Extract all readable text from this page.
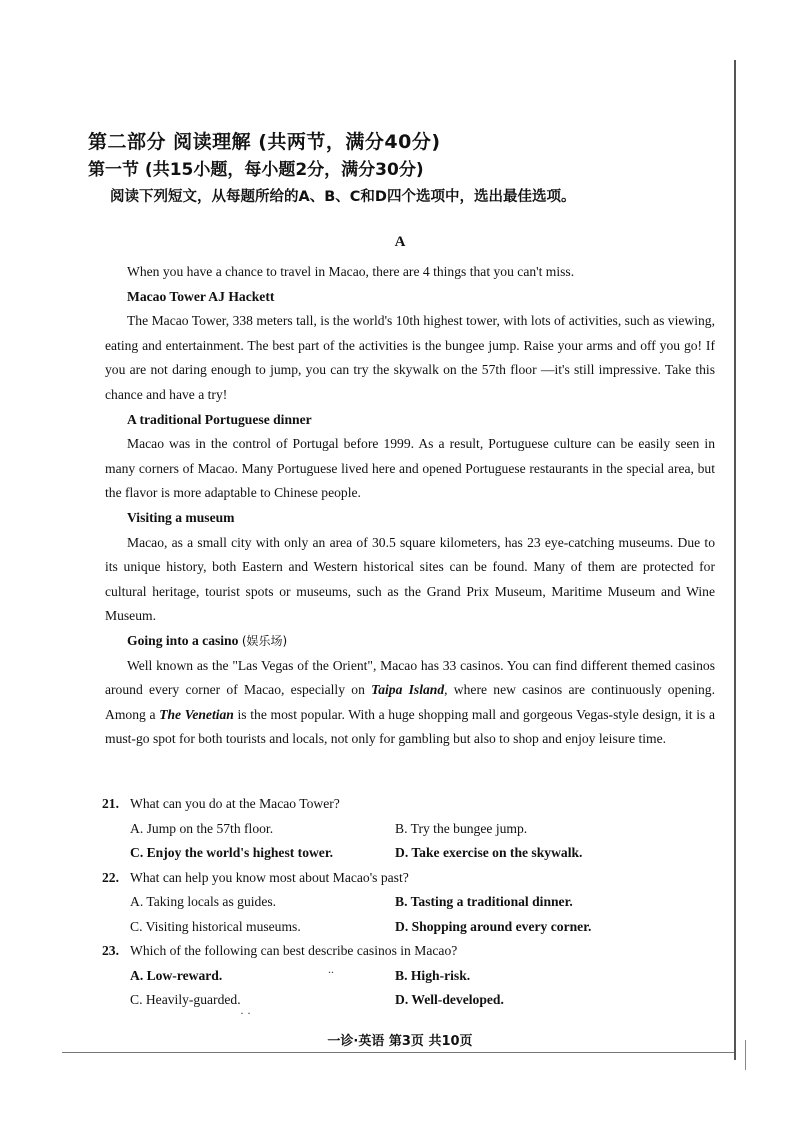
第二部分 阅读理解 (共两节，满分40分)
第一节 (共15小题，每小题2分，满分30分)
阅读下列短文，从每题所给的A、B、C和D四个选项中，选出最佳选项。
A

When you have a chance to travel in Macao, there are 4 things that you can't miss.

Macao Tower AJ Hackett

The Macao Tower, 338 meters tall, is the world's 10th highest tower, with lots of activities, such as viewing, eating and entertainment. The best part of the activities is the bungee jump. Raise your arms and off you go! If you are not daring enough to jump, you can try the skywalk on the 57th floor —it's still impressive. Take this chance and have a try!

A traditional Portuguese dinner

Macao was in the control of Portugal before 1999. As a result, Portuguese culture can be easily seen in many corners of Macao. Many Portuguese lived here and opened Portuguese restaurants in the special area, but the flavor is more adaptable to Chinese people.

Visiting a museum

Macao, as a small city with only an area of 30.5 square kilometers, has 23 eye-catching museums. Due to its unique history, both Eastern and Western historical sites can be found. Many of them are protected for cultural heritage, tourist spots or museums, such as the Grand Prix Museum, Maritime Museum and Wine Museum.

Going into a casino (娱乐场)

Well known as the "Las Vegas of the Orient", Macao has 33 casinos. You can find different themed casinos around every corner of Macao, especially on Taipa Island, where new casinos are continuously opening. Among a The Venetian is the most popular. With a huge shopping mall and gorgeous Vegas-style design, it is a must-go spot for both tourists and locals, not only for gambling but also to shop and enjoy leisure time.

21. What can you do at the Macao Tower?
A. Jump on the 57th floor.	B. Try the bungee jump.
C. Enjoy the world's highest tower.	D. Take exercise on the skywalk.
22. What can help you know most about Macao's past?
A. Taking locals as guides.	B. Tasting a traditional dinner.
C. Visiting historical museums.	D. Shopping around every corner.
23. Which of the following can best describe casinos in Macao?
A. Low-reward.	B. High-risk.
C. Heavily-guarded.	D. Well-developed.
..
· ·
一诊·英语 第3页 共10页
